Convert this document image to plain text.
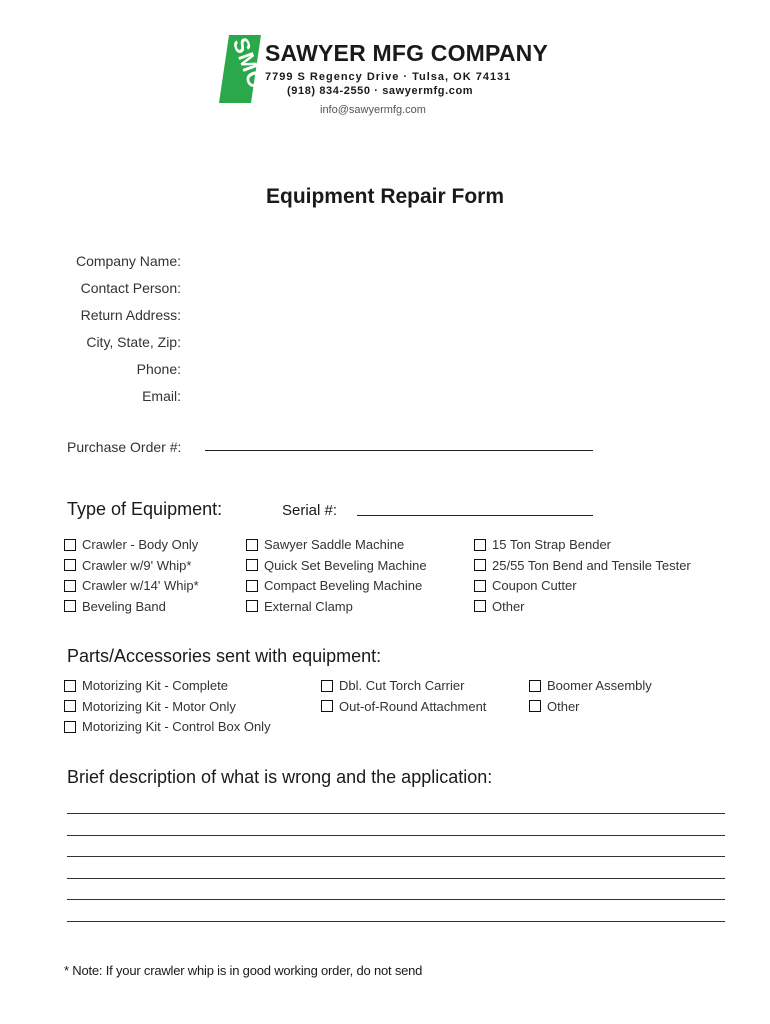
SMC
SAWYER MFG COMPANY
7799 S Regency Drive · Tulsa, OK 74131
(918) 834-2550 · sawyermfg.com
info@sawyermfg.com
Equipment Repair Form
Company Name:
Contact Person:
Return Address:
City, State, Zip:
Phone:
Email:
Purchase Order #:
Type of Equipment:	Serial #:
Crawler - Body Only
Crawler w/9' Whip*
Crawler w/14' Whip*
Beveling Band
Sawyer Saddle Machine
Quick Set Beveling Machine
Compact Beveling Machine
External Clamp
15 Ton Strap Bender
25/55 Ton Bend and Tensile Tester
Coupon Cutter
Other
Parts/Accessories sent with equipment:
Motorizing Kit - Complete
Motorizing Kit - Motor Only
Motorizing Kit - Control Box Only
Dbl. Cut Torch Carrier
Out-of-Round Attachment
Boomer Assembly
Other
Brief description of what is wrong and the application:
* Note: If your crawler whip is in good working order, do not send
